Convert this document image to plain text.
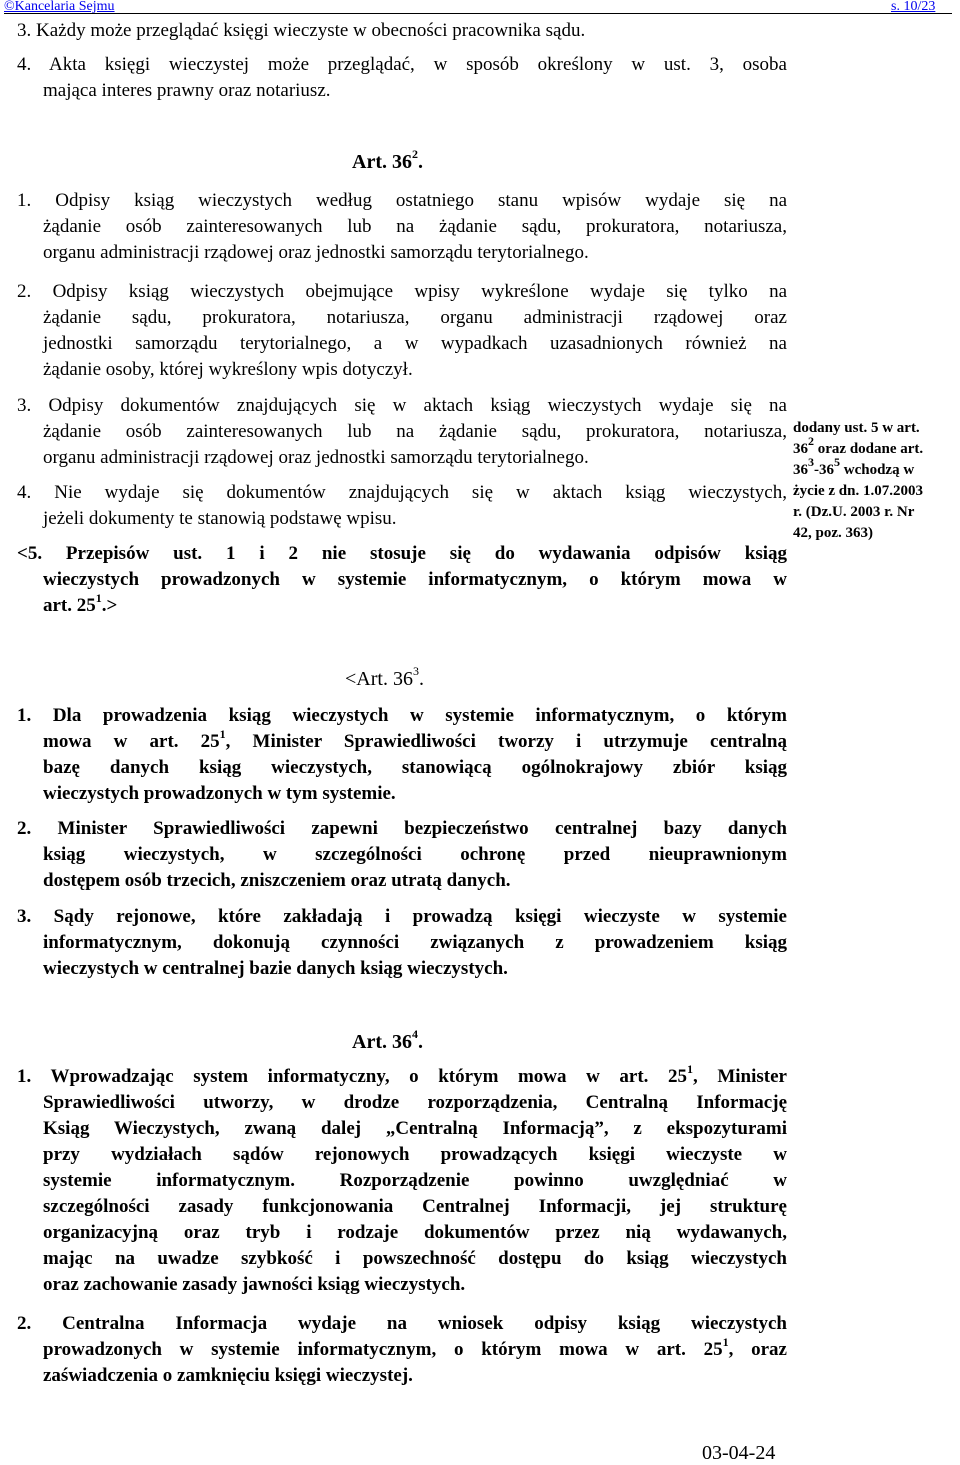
©Kancelaria Sejmu	s. 10/23
3. Każdy może przeglądać księgi wieczyste w obecności pracownika sądu.
4. Akta księgi wieczystej może przeglądać, w sposób określony w ust. 3, osoba
mająca interes prawny oraz notariusz.
Art. $36^2$.
1. Odpisy ksiąg wieczystych według ostatniego stanu wpisów wydaje się na
żądanie osób zainteresowanych lub na żądanie sądu, prokuratora, notariusza,
organu administracji rządowej oraz jednostki samorządu terytorialnego.
2. Odpisy ksiąg wieczystych obejmujące wpisy wykreślone wydaje się tylko na
żądanie sądu, prokuratora, notariusza, organu administracji rządowej oraz
jednostki samorządu terytorialnego, a w wypadkach uzasadnionych również na
żądanie osoby, której wykreślony wpis dotyczył.
3. Odpisy dokumentów znajdujących się w aktach ksiąg wieczystych wydaje się na
żądanie osób zainteresowanych lub na żądanie sądu, prokuratora, notariusza,
organu administracji rządowej oraz jednostki samorządu terytorialnego.
4. Nie wydaje się dokumentów znajdujących się w aktach ksiąg wieczystych,
jeżeli dokumenty te stanowią podstawę wpisu.
<5. Przepisów ust. 1 i 2 nie stosuje się do wydawania odpisów ksiąg
wieczystych prowadzonych w systemie informatycznym, o którym mowa w
art. $25^1.>$
dodany ust. 5 w art.
$36^2$ oraz dodane art.
$36^3-36^5$ wchodzą w
życie z dn. 1.07.2003
r. (Dz.U. 2003 r. Nr
42, poz. 363)
<Art. $36^3$.
1. Dla prowadzenia ksiąg wieczystych w systemie informatycznym, o którym
mowa w art. $25^1$, Minister Sprawiedliwości tworzy i utrzymuje centralną
bazę danych ksiąg wieczystych, stanowiącą ogólnokrajowy zbiór ksiąg
wieczystych prowadzonych w tym systemie.
2. Minister Sprawiedliwości zapewni bezpieczeństwo centralnej bazy danych
ksiąg wieczystych, w szczególności ochronę przed nieuprawnionym
dostępem osób trzecich, zniszczeniem oraz utratą danych.
3. Sądy rejonowe, które zakładają i prowadzą księgi wieczyste w systemie
informatycznym, dokonują czynności związanych z prowadzeniem ksiąg
wieczystych w centralnej bazie danych ksiąg wieczystych.
Art. $36^4$.
1. Wprowadzając system informatyczny, o którym mowa w art. $25^1$, Minister
Sprawiedliwości utworzy, w drodze rozporządzenia, Centralną Informację
Ksiąg Wieczystych, zwaną dalej „Centralną Informacją”, z ekspozyturami
przy wydziałach sądów rejonowych prowadzących księgi wieczyste w
systemie informatycznym. Rozporządzenie powinno uwzględniać w
szczególności zasady funkcjonowania Centralnej Informacji, jej strukturę
organizacyjną oraz tryb i rodzaje dokumentów przez nią wydawanych,
mając na uwadze szybkość i powszechność dostępu do ksiąg wieczystych
oraz zachowanie zasady jawności ksiąg wieczystych.
2. Centralna Informacja wydaje na wniosek odpisy ksiąg wieczystych
prowadzonych w systemie informatycznym, o którym mowa w art. $25^1$, oraz
zaświadczenia o zamknięciu księgi wieczystej.
03-04-24
